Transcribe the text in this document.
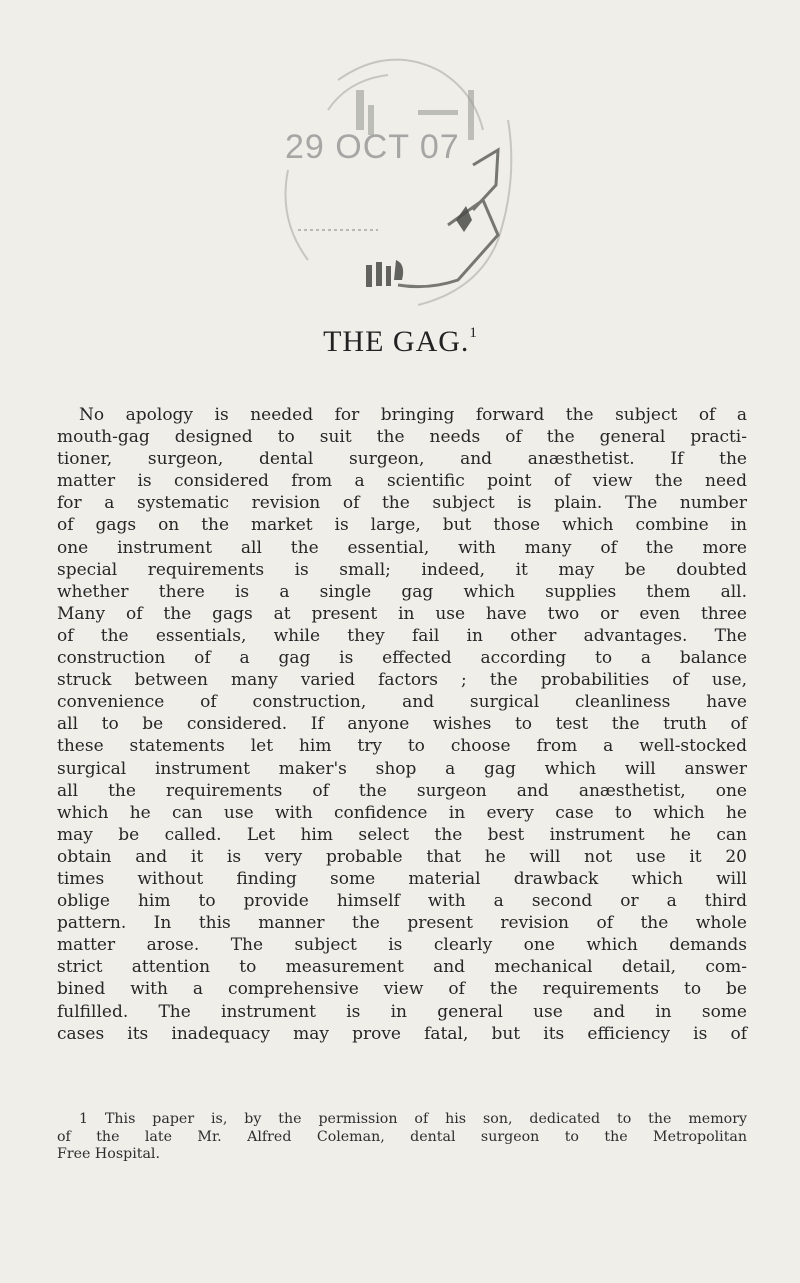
29 OCT 07
THE GAG.$^1$
No apology is needed for bringing forward the subject of a
mouth-gag designed to suit the needs of the general practi-
tioner, surgeon, dental surgeon, and anæsthetist. If the
matter is considered from a scientific point of view the need
for a systematic revision of the subject is plain. The number
of gags on the market is large, but those which combine in
one instrument all the essential, with many of the more
special requirements is small; indeed, it may be doubted
whether there is a single gag which supplies them all.
Many of the gags at present in use have two or even three
of the essentials, while they fail in other advantages. The
construction of a gag is effected according to a balance
struck between many varied factors ; the probabilities of use,
convenience of construction, and surgical cleanliness have
all to be considered. If anyone wishes to test the truth of
these statements let him try to choose from a well-stocked
surgical instrument maker's shop a gag which will answer
all the requirements of the surgeon and anæsthetist, one
which he can use with confidence in every case to which he
may be called. Let him select the best instrument he can
obtain and it is very probable that he will not use it 20
times without finding some material drawback which will
oblige him to provide himself with a second or a third
pattern. In this manner the present revision of the whole
matter arose. The subject is clearly one which demands
strict attention to measurement and mechanical detail, com-
bined with a comprehensive view of the requirements to be
fulfilled. The instrument is in general use and in some
cases its inadequacy may prove fatal, but its efficiency is of
1 This paper is, by the permission of his son, dedicated to the memory
of the late Mr. Alfred Coleman, dental surgeon to the Metropolitan
Free Hospital.
